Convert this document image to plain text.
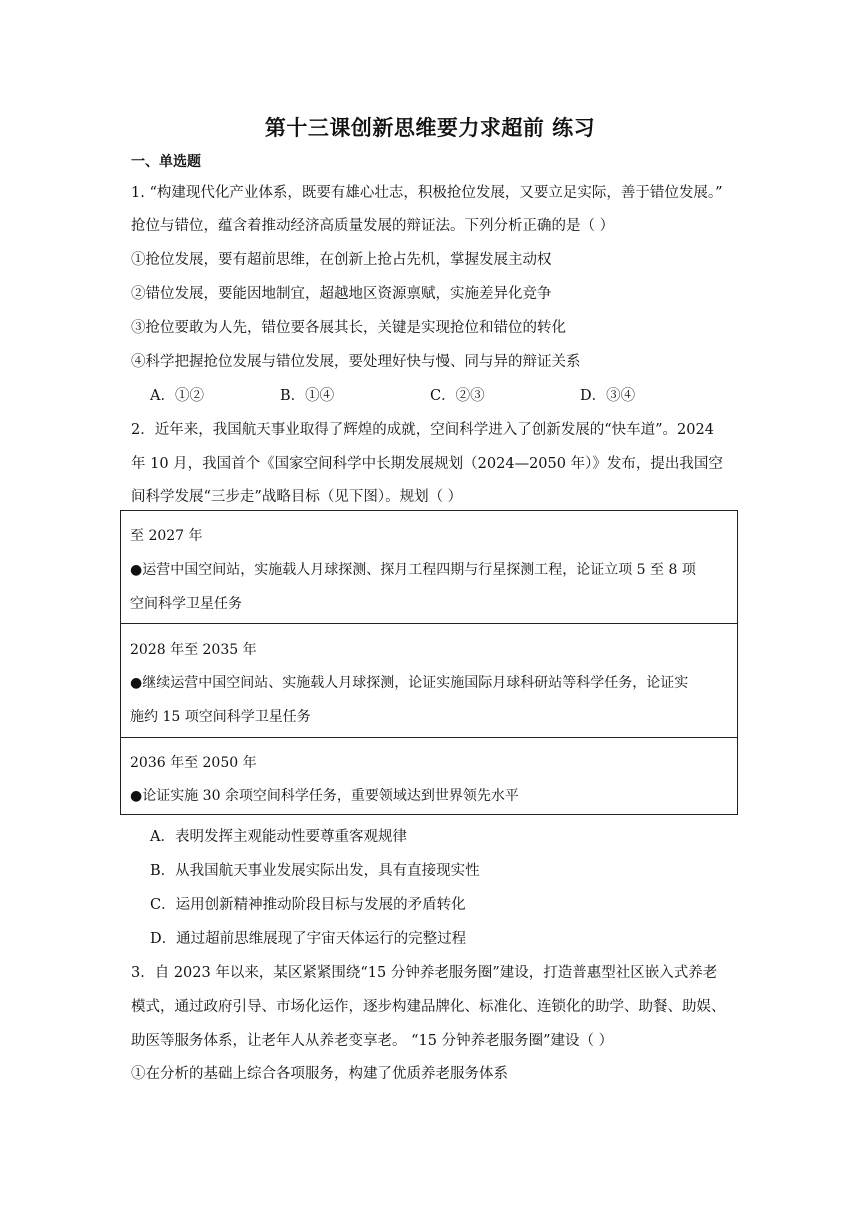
第十三课创新思维要力求超前 练习
一、单选题
1. “构建现代化产业体系，既要有雄心壮志，积极抢位发展，又要立足实际，善于错位发展。”
抢位与错位，蕴含着推动经济高质量发展的辩证法。下列分析正确的是（ ）
①抢位发展，要有超前思维，在创新上抢占先机，掌握发展主动权
②错位发展，要能因地制宜，超越地区资源禀赋，实施差异化竞争
③抢位要敢为人先，错位要各展其长，关键是实现抢位和错位的转化
④科学把握抢位发展与错位发展，要处理好快与慢、同与异的辩证关系
A．①②	B．①④	C．②③	D．③④
2．近年来，我国航天事业取得了辉煌的成就，空间科学进入了创新发展的“快车道”。2024
年 10 月，我国首个《国家空间科学中长期发展规划（2024—2050 年）》发布，提出我国空
间科学发展“三步走”战略目标（见下图）。规划（ ）
至 2027 年
●运营中国空间站，实施载人月球探测、探月工程四期与行星探测工程，论证立项 5 至 8 项
空间科学卫星任务
2028 年至 2035 年
●继续运营中国空间站、实施载人月球探测，论证实施国际月球科研站等科学任务，论证实
施约 15 项空间科学卫星任务
2036 年至 2050 年
●论证实施 30 余项空间科学任务，重要领域达到世界领先水平
A．表明发挥主观能动性要尊重客观规律
B．从我国航天事业发展实际出发，具有直接现实性
C．运用创新精神推动阶段目标与发展的矛盾转化
D．通过超前思维展现了宇宙天体运行的完整过程
3．自 2023 年以来，某区紧紧围绕“15 分钟养老服务圈”建设，打造普惠型社区嵌入式养老
模式，通过政府引导、市场化运作，逐步构建品牌化、标准化、连锁化的助学、助餐、助娱、
助医等服务体系，让老年人从养老变享老。 “15 分钟养老服务圈”建设（ ）
①在分析的基础上综合各项服务，构建了优质养老服务体系
